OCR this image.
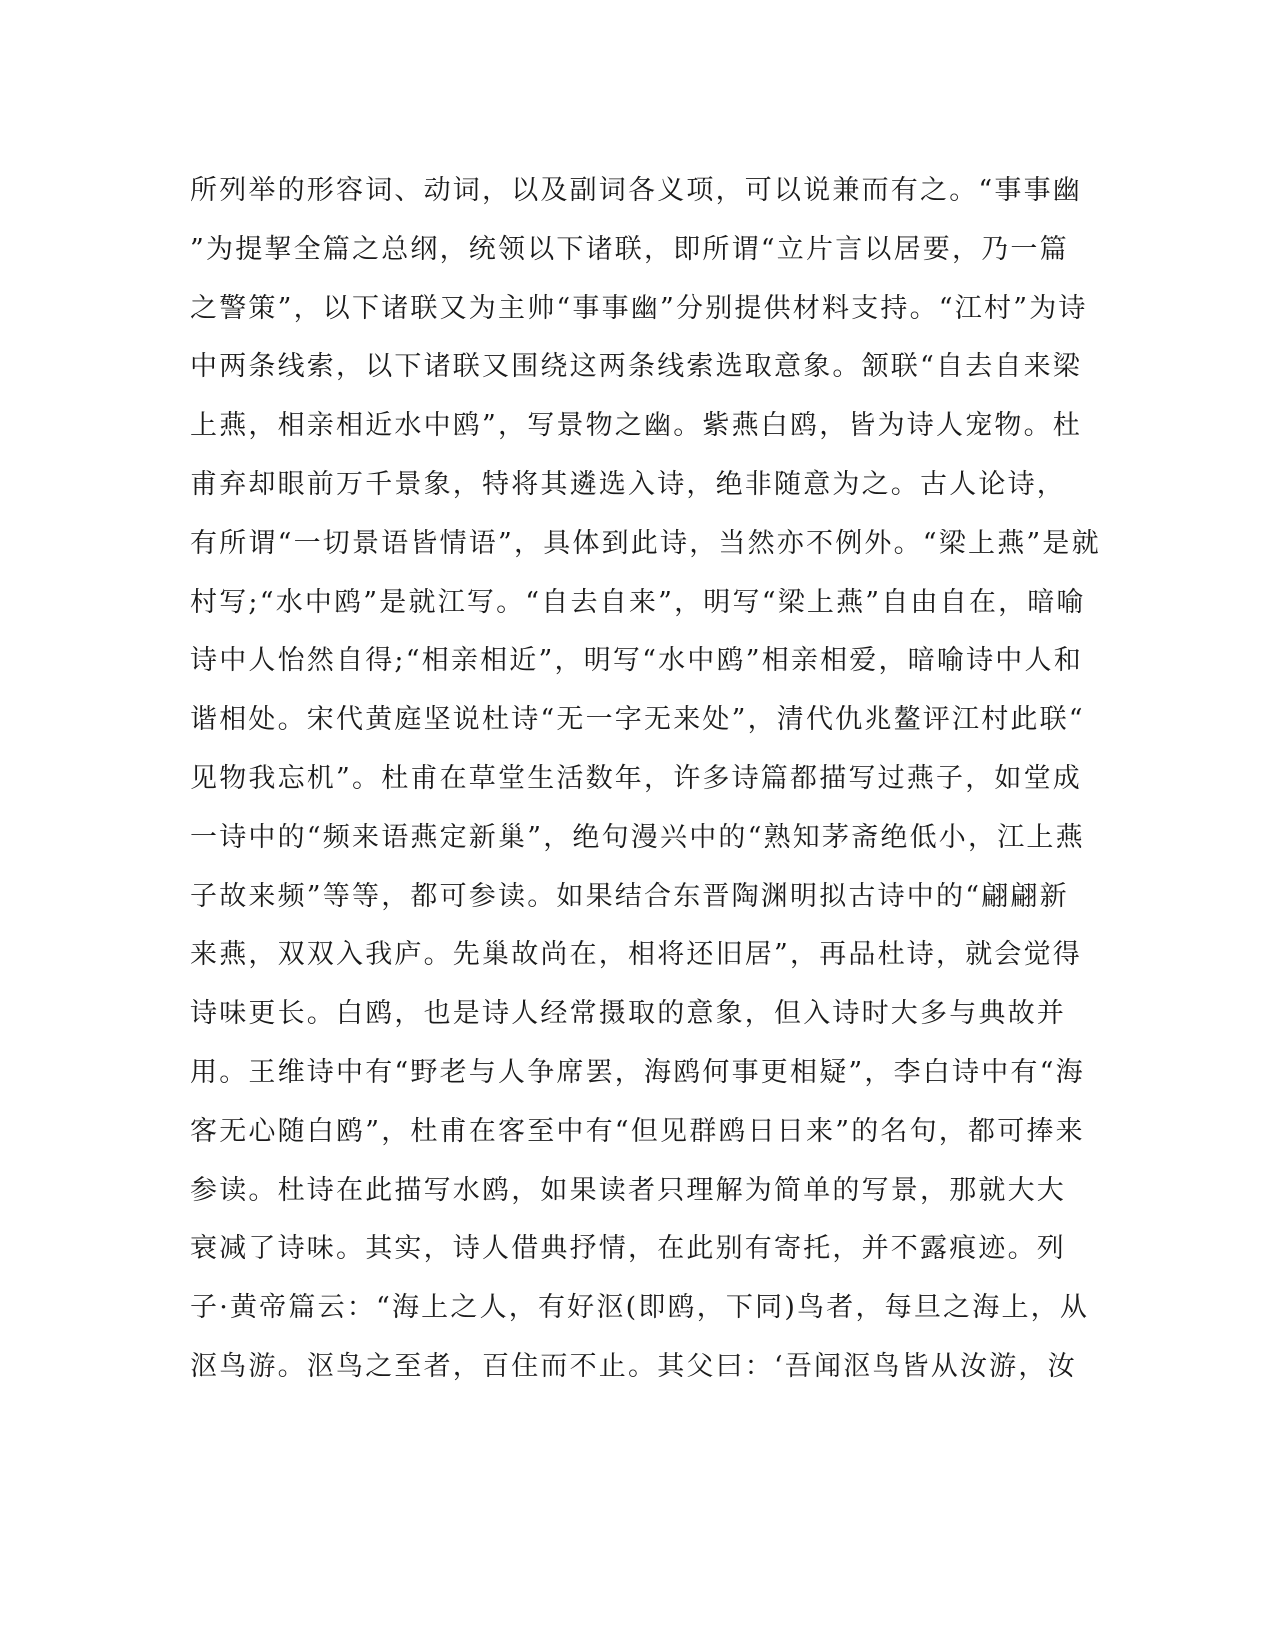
所列举的形容词、动词，以及副词各义项，可以说兼而有之。“事事幽
”为提挈全篇之总纲，统领以下诸联，即所谓“立片言以居要，乃一篇
之警策”，以下诸联又为主帅“事事幽”分别提供材料支持。“江村”为诗
中两条线索，以下诸联又围绕这两条线索选取意象。颔联“自去自来梁
上燕，相亲相近水中鸥”，写景物之幽。紫燕白鸥，皆为诗人宠物。杜
甫弃却眼前万千景象，特将其遴选入诗，绝非随意为之。古人论诗，
有所谓“一切景语皆情语”，具体到此诗，当然亦不例外。“梁上燕”是就
村写;“水中鸥”是就江写。“自去自来”，明写“梁上燕”自由自在，暗喻
诗中人怡然自得;“相亲相近”，明写“水中鸥”相亲相爱，暗喻诗中人和
谐相处。宋代黄庭坚说杜诗“无一字无来处”，清代仇兆鳌评江村此联“
见物我忘机”。杜甫在草堂生活数年，许多诗篇都描写过燕子，如堂成
一诗中的“频来语燕定新巢”，绝句漫兴中的“熟知茅斋绝低小，江上燕
子故来频”等等，都可参读。如果结合东晋陶渊明拟古诗中的“翩翩新
来燕，双双入我庐。先巢故尚在，相将还旧居”，再品杜诗，就会觉得
诗味更长。白鸥，也是诗人经常摄取的意象，但入诗时大多与典故并
用。王维诗中有“野老与人争席罢，海鸥何事更相疑”，李白诗中有“海
客无心随白鸥”，杜甫在客至中有“但见群鸥日日来”的名句，都可捧来
参读。杜诗在此描写水鸥，如果读者只理解为简单的写景，那就大大
衰减了诗味。其实，诗人借典抒情，在此别有寄托，并不露痕迹。列
子·黄帝篇云：“海上之人，有好沤(即鸥，下同)鸟者，每旦之海上，从
沤鸟游。沤鸟之至者，百住而不止。其父曰：‘吾闻沤鸟皆从汝游，汝
